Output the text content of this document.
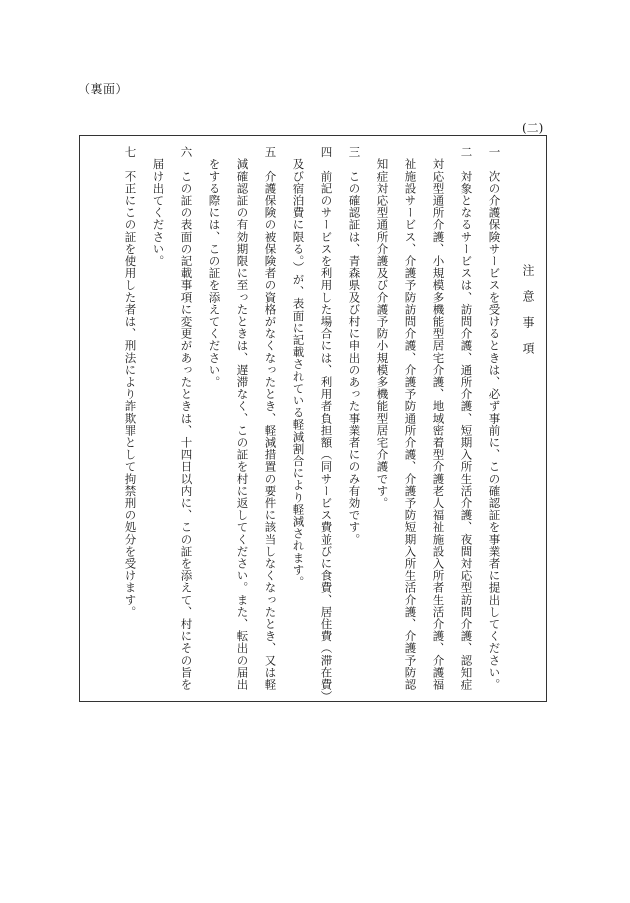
（裏面）
(二)
注意事項
一　次の介護保険サービスを受けるときは、必ず事前に、この確認証を事業者に提出してください。
二　対象となるサービスは、訪問介護、通所介護、短期入所生活介護、夜間対応型訪問介護、認知症
　対応型通所介護、小規模多機能型居宅介護、地域密着型介護老人福祉施設入所者生活介護、介護福
　祉施設サービス、介護予防訪問介護、介護予防通所介護、介護予防短期入所生活介護、介護予防認
　知症対応型通所介護及び介護予防小規模多機能型居宅介護です。
三　この確認証は、青森県及び村に申出のあった事業者にのみ有効です。
四　前記のサービスを利用した場合には、利用者負担額（同サービス費並びに食費、居住費（滞在費）
　及び宿泊費に限る。）が、表面に記載されている軽減割合により軽減されます。
五　介護保険の被保険者の資格がなくなったとき、軽減措置の要件に該当しなくなったとき、又は軽
　減確認証の有効期限に至ったときは、遅滞なく、この証を村に返してください。また、転出の届出
　をする際には、この証を添えてください。
六　この証の表面の記載事項に変更があったときは、十四日以内に、この証を添えて、村にその旨を
　届け出てください。
七　不正にこの証を使用した者は、刑法により詐欺罪として拘禁刑の処分を受けます。
